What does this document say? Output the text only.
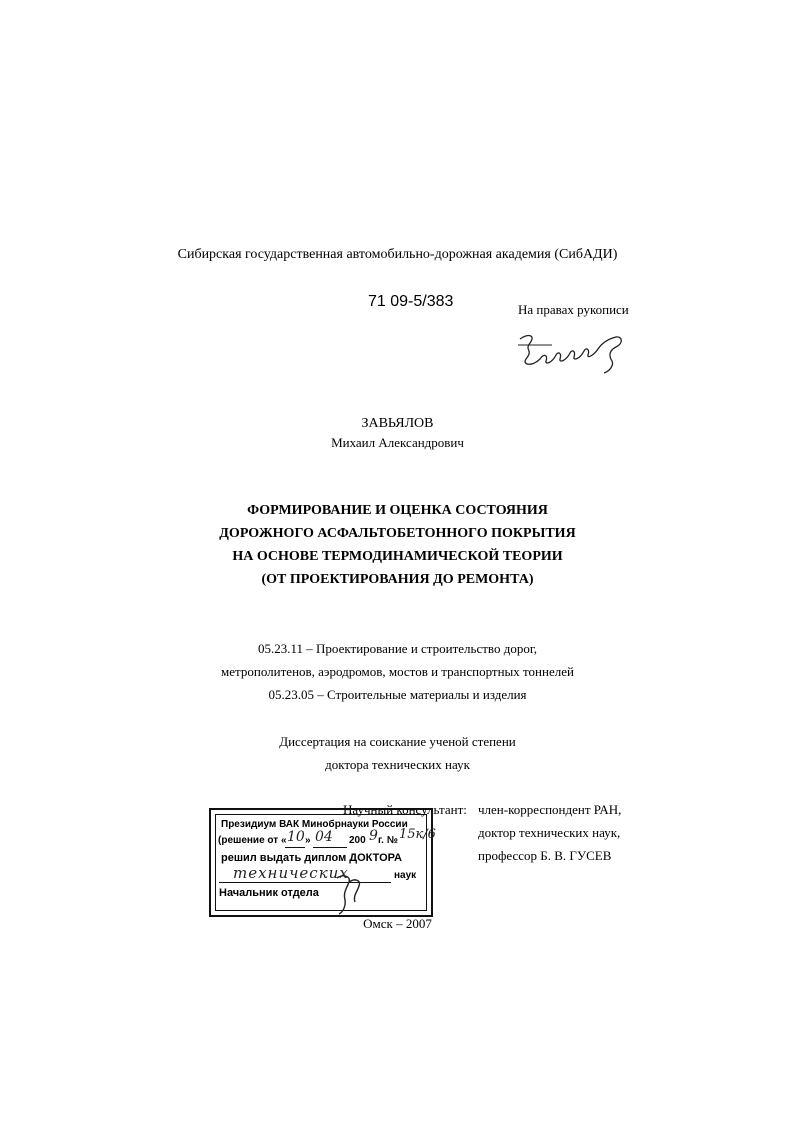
Сибирская государственная автомобильно-дорожная академия (СибАДИ)
71 09-5/383	На правах рукописи
ЗАВЬЯЛОВ
Михаил Александрович
ФОРМИРОВАНИЕ И ОЦЕНКА СОСТОЯНИЯ
ДОРОЖНОГО АСФАЛЬТОБЕТОННОГО ПОКРЫТИЯ
НА ОСНОВЕ ТЕРМОДИНАМИЧЕСКОЙ ТЕОРИИ
(ОТ ПРОЕКТИРОВАНИЯ ДО РЕМОНТА)
05.23.11 – Проектирование и строительство дорог,
метрополитенов, аэродромов, мостов и транспортных тоннелей
05.23.05 – Строительные материалы и изделия
Диссертация на соискание ученой степени
доктора технических наук
Научный консультант: член-корреспондент РАН,
доктор технических наук,
профессор Б. В. ГУСЕВ
Президиум ВАК Минобрнауки России
(решение от « 10 » 04 200 9 г. № 15к/6
решил выдать диплом ДОКТОРА
технических	наук
Начальник отдела
Омск – 2007
